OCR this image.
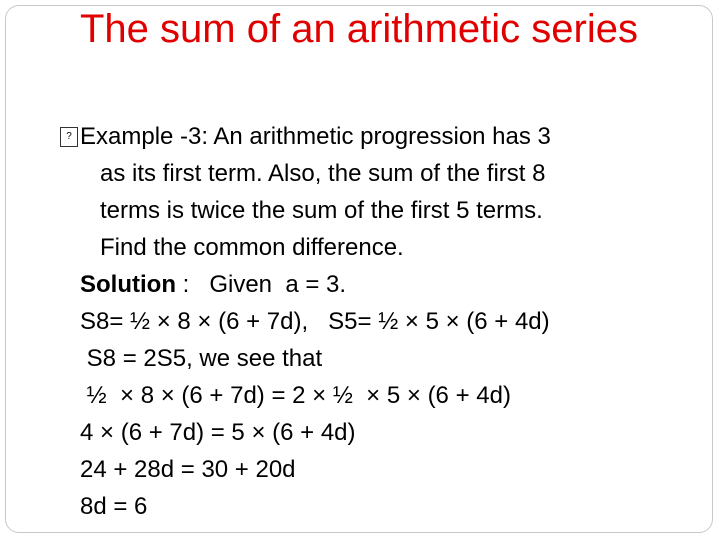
The sum of an arithmetic series
? Example -3: An arithmetic progression has 3
as its first term. Also, the sum of the first 8
terms is twice the sum of the first 5 terms.
Find the common difference.
Solution :   Given  a = 3.
S8= ½ × 8 × (6 + 7d),   S5= ½ × 5 × (6 + 4d)
S8 = 2S5, we see that
½  × 8 × (6 + 7d) = 2 × ½  × 5 × (6 + 4d)
4 × (6 + 7d) = 5 × (6 + 4d)
24 + 28d = 30 + 20d
8d = 6
